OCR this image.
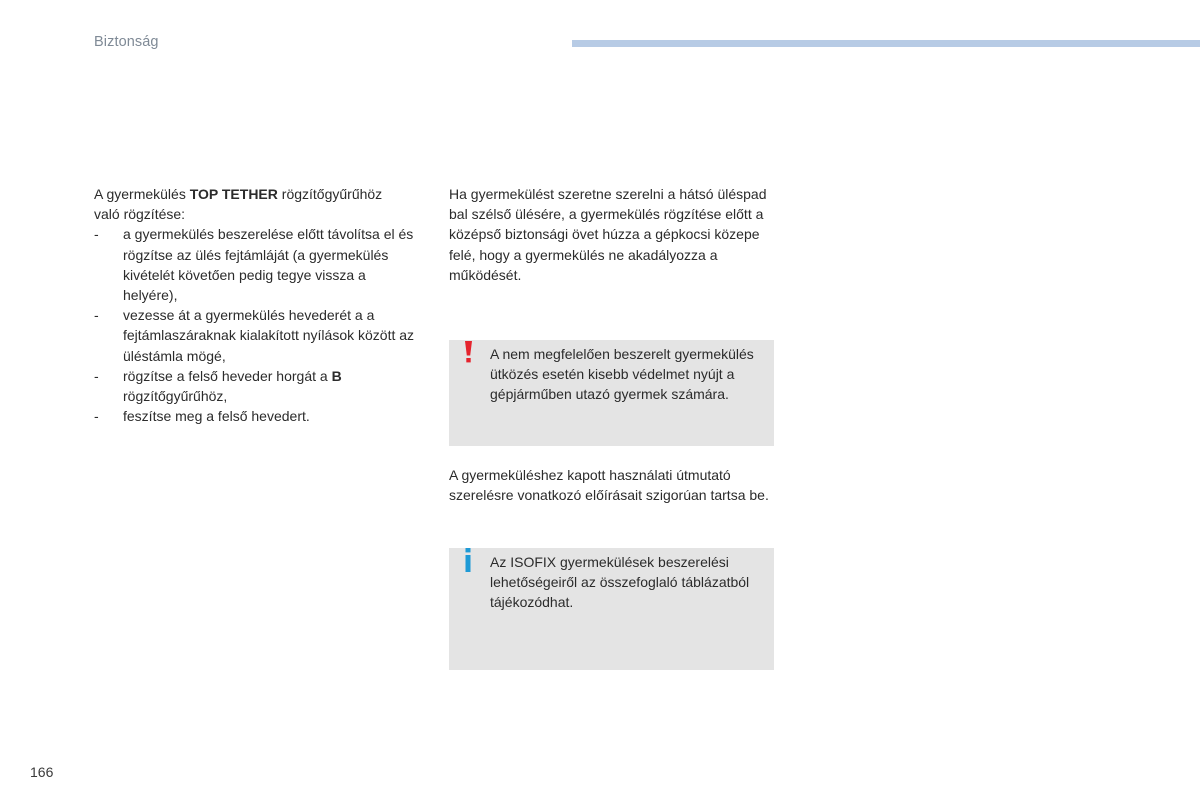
Biztonság
A gyermekülés TOP TETHER rögzítőgyűrűhöz
való rögzítése:
- a gyermekülés beszerelése előtt távolítsa el és rögzítse az ülés fejtámláját (a gyermekülés kivételét követően pedig tegye vissza a helyére),
- vezesse át a gyermekülés hevederét a a fejtámlaszáraknak kialakított nyílások között az üléstámla mögé,
- rögzítse a felső heveder horgát a B rögzítőgyűrűhöz,
- feszítse meg a felső hevedert.
Ha gyermekülést szeretne szerelni a hátsó üléspad bal szélső ülésére, a gyermekülés rögzítése előtt a középső biztonsági övet húzza a gépkocsi közepe felé, hogy a gyermekülés ne akadályozza a működését.
A nem megfelelően beszerelt gyermekülés ütközés esetén kisebb védelmet nyújt a gépjárműben utazó gyermek számára.
A gyermeküléshez kapott használati útmutató szerelésre vonatkozó előírásait szigorúan tartsa be.
Az ISOFIX gyermekülések beszerelési lehetőségeiről az összefoglaló táblázatból tájékozódhat.
166
